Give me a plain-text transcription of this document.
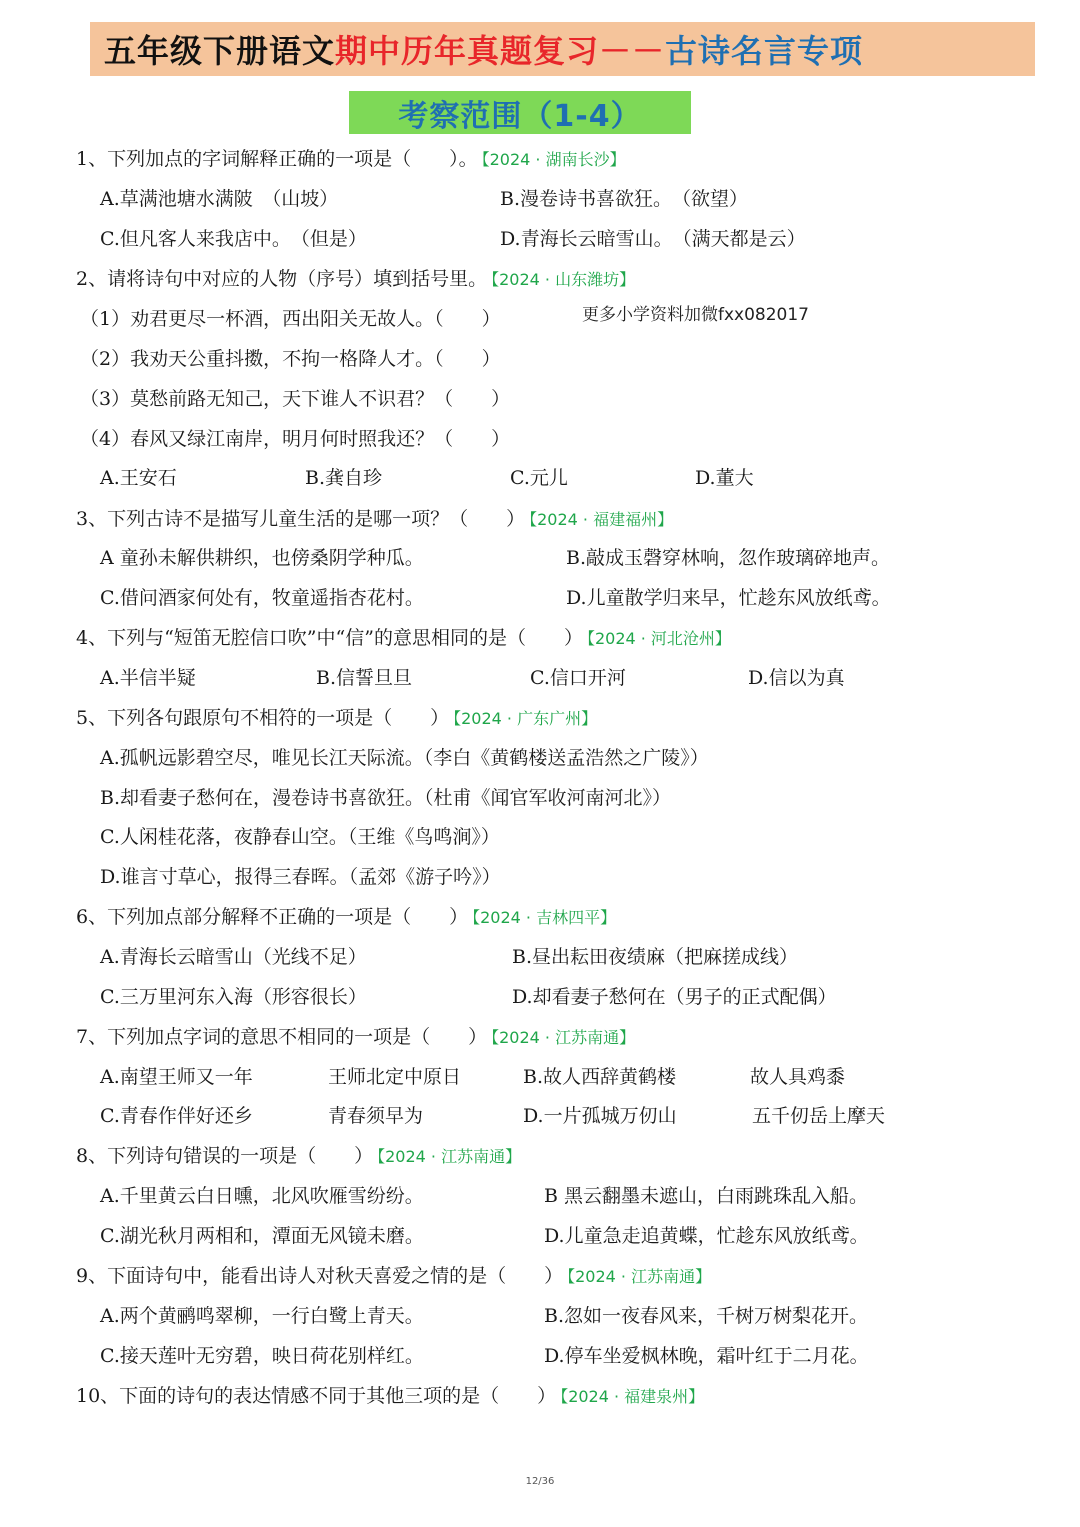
五年级下册语文 期中历年真题复习 －－ 古诗名言专项
考察范围（1-4）
1、下列加点的字词解释正确的一项是（　　）。 【2024 · 湖南长沙】
A.草满池塘水满陂　（山坡）	B.漫卷诗书喜欲狂。　（欲望）
C.但凡客人来我店中。　（但是）	D.青海长云暗雪山。　（满天都是云）
2、请将诗句中对应的人物（序号）填到括号里。 【2024 · 山东潍坊】
更多小学资料加微fxx082017
（1）劝君更尽一杯酒，西出阳关无故人。（　　）
（2）我劝天公重抖擞，不拘一格降人才。（　　）
（3）莫愁前路无知己，天下谁人不识君？（　　）
（4）春风又绿江南岸，明月何时照我还？（　　）
A.王安石	B.龚自珍	C.元儿	D.董大
3、下列古诗不是描写儿童生活的是哪一项？（　　） 【2024 · 福建福州】
A 童孙未解供耕织，也傍桑阴学种瓜。	B.敲成玉磬穿林响，忽作玻璃碎地声。
C.借问酒家何处有，牧童遥指杏花村。	D.儿童散学归来早，忙趁东风放纸鸢。
4、下列与“短笛无腔信口吹”中“信”的意思相同的是（　　） 【2024 · 河北沧州】
A.半信半疑	B.信誓旦旦	C.信口开河	D.信以为真
5、下列各句跟原句不相符的一项是（　　） 【2024 · 广东广州】
A.孤帆远影碧空尽，唯见长江天际流。（李白《黄鹤楼送孟浩然之广陵》）
B.却看妻子愁何在，漫卷诗书喜欲狂。（杜甫《闻官军收河南河北》）
C.人闲桂花落，夜静春山空。（王维《鸟鸣涧》）
D.谁言寸草心，报得三春晖。（孟郊《游子吟》）
6、下列加点部分解释不正确的一项是（　　） 【2024 · 吉林四平】
A.青海长云暗雪山（光线不足）	B.昼出耘田夜绩麻（把麻搓成线）
C.三万里河东入海（形容很长）	D.却看妻子愁何在（男子的正式配偶）
7、下列加点字词的意思不相同的一项是（　　） 【2024 · 江苏南通】
A.南望王师又一年	王师北定中原日	B.故人西辞黄鹤楼	故人具鸡黍
C.青春作伴好还乡	青春须早为	D.一片孤城万仞山	五千仞岳上摩天
8、下列诗句错误的一项是（　　） 【2024 · 江苏南通】
A.千里黄云白日曛，北风吹雁雪纷纷。	B 黑云翻墨未遮山，白雨跳珠乱入船。
C.湖光秋月两相和，潭面无风镜未磨。	D.儿童急走追黄蝶，忙趁东风放纸鸢。
9、下面诗句中，能看出诗人对秋天喜爱之情的是（　　） 【2024 · 江苏南通】
A.两个黄鹂鸣翠柳，一行白鹭上青天。	B.忽如一夜春风来，千树万树梨花开。
C.接天莲叶无穷碧，映日荷花别样红。	D.停车坐爱枫林晚，霜叶红于二月花。
10、下面的诗句的表达情感不同于其他三项的是（　　） 【2024 · 福建泉州】
12/36
